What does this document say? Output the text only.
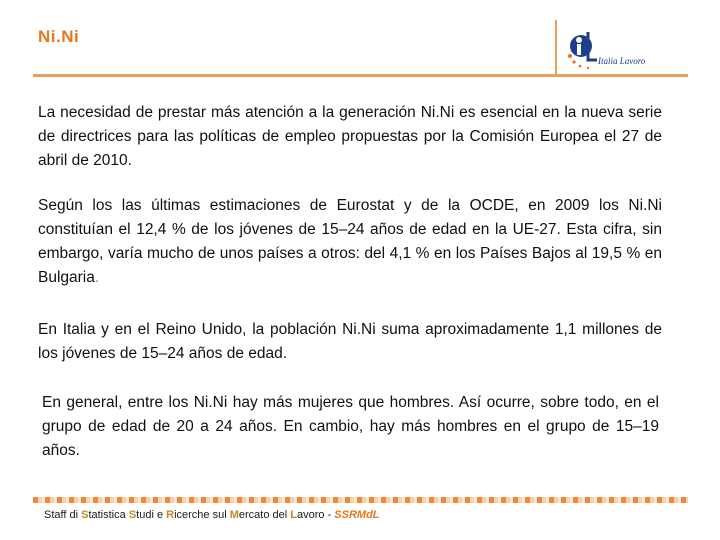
Ni.Ni
Italia Lavoro
La necesidad de prestar más atención a la generación Ni.Ni es esencial en la nueva serie de directrices para las políticas de empleo propuestas por la Comisión Europea el 27 de abril de 2010.
Según los las últimas estimaciones de Eurostat y de la OCDE, en 2009 los Ni.Ni constituían el 12,4 % de los jóvenes de 15–24 años de edad en la UE-27. Esta cifra, sin embargo, varía mucho de unos países a otros: del 4,1 % en los Países Bajos al 19,5 % en Bulgaria.
En Italia y en el Reino Unido, la población Ni.Ni suma aproximadamente 1,1 millones de los jóvenes de 15–24 años de edad.
En general, entre los Ni.Ni hay más mujeres que hombres. Así ocurre, sobre todo, en el grupo de edad de 20 a 24 años. En cambio, hay más hombres en el grupo de 15–19 años.
Staff di Statistica Studi e Ricerche sul Mercato del Lavoro - SSRMdL
